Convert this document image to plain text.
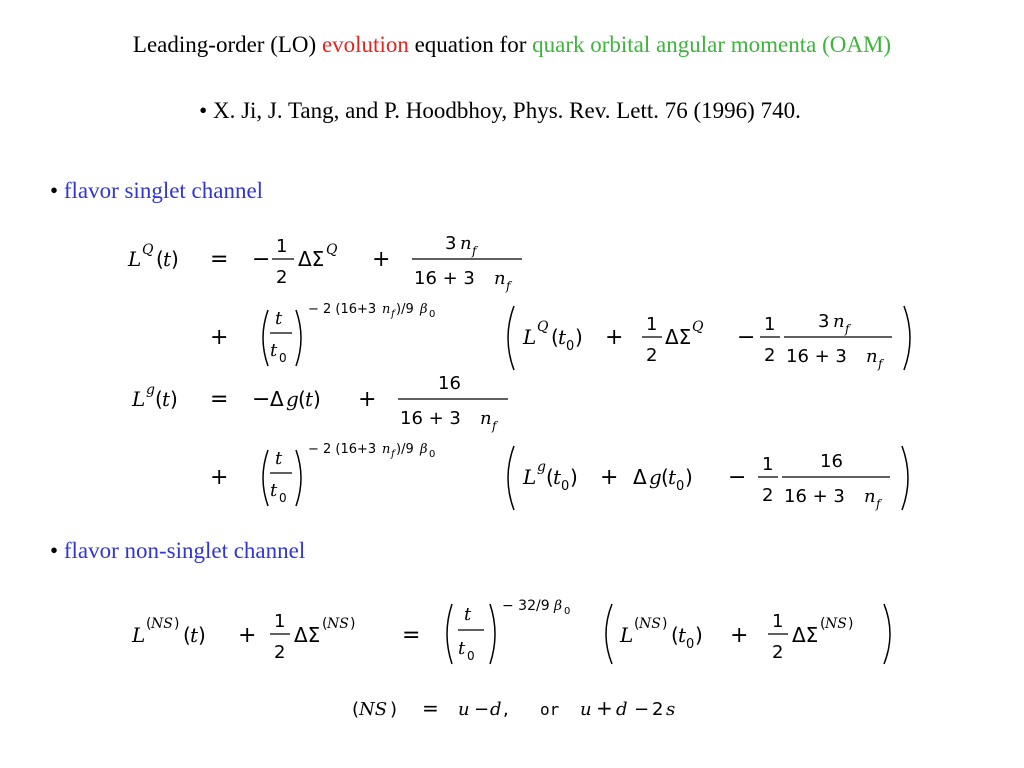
Leading-order (LO) evolution equation for quark orbital angular momenta (OAM)
• X. Ji, J. Tang, and P. Hoodbhoy, Phys. Rev. Lett. 76 (1996) 740.
• flavor singlet channel
• flavor non-singlet channel
L Q ( t ) = −
1
2
ΔΣ Q +
3 n f
16 + 3 n f
+
t
t 0
− 2 (16+3 n f )/9 β 0
L Q ( t 0 ) +
1
2
ΔΣ Q −
1
2
3 n f
16 + 3 n f
L g ( t ) = − Δ g ( t ) +
16
16 + 3 n f
+
t
t 0
− 2 (16+3 n f )/9 β 0
L g ( t 0 ) + Δ g ( t 0 ) −
1
2
16
16 + 3 n f
L ( NS ) ( t ) +
1
2
ΔΣ ( NS ) =
t
t 0
− 32/9 β 0
L ( NS ) ( t 0 ) +
1
2
ΔΣ ( NS )
( NS ) = u − d , or u + d − 2 s
